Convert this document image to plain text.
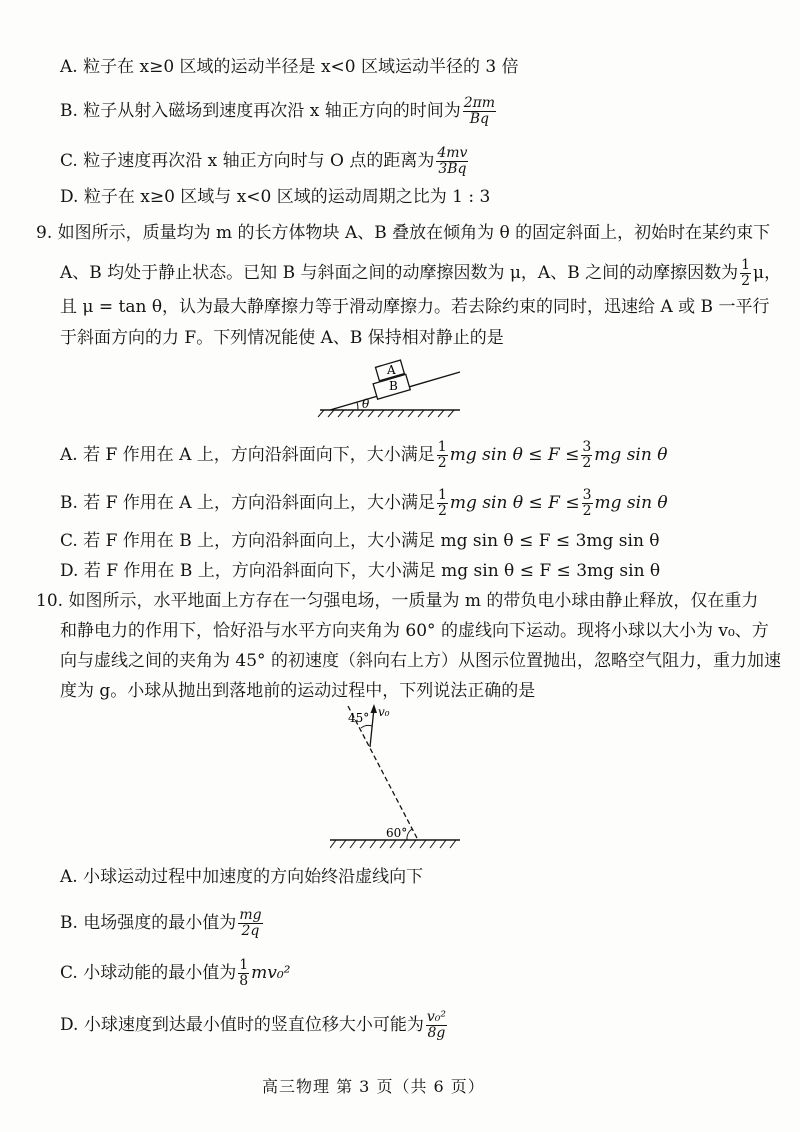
A. 粒子在 x≥0 区域的运动半径是 x<0 区域运动半径的 3 倍
B. 粒子从射入磁场到速度再次沿 x 轴正方向的时间为 $\frac{2\pi m}{Bq}$
C. 粒子速度再次沿 x 轴正方向时与 O 点的距离为 $\frac{4mv}{3Bq}$
D. 粒子在 x≥0 区域与 x<0 区域的运动周期之比为 1 : 3
9. 如图所示，质量均为 m 的长方体物块 A、B 叠放在倾角为 θ 的固定斜面上，初始时在某约束下
A、B 均处于静止状态。已知 B 与斜面之间的动摩擦因数为 μ，A、B 之间的动摩擦因数为 $\frac{1}{2}$ μ，
且 μ = tan θ，认为最大静摩擦力等于滑动摩擦力。若去除约束的同时，迅速给 A 或 B 一平行
于斜面方向的力 F。下列情况能使 A、B 保持相对静止的是
θ
B
A
A. 若 F 作用在 A 上，方向沿斜面向下，大小满足 $\frac{1}{2}$ mg $\sin \theta \le F \le \frac{3}{2}$ mg sin θ
B. 若 F 作用在 A 上，方向沿斜面向上，大小满足 $\frac{1}{2}$ mg $\sin \theta \le F \le \frac{3}{2}$ mg sin θ
C. 若 F 作用在 B 上，方向沿斜面向上，大小满足 mg sin θ ≤ F ≤ 3mg sin θ
D. 若 F 作用在 B 上，方向沿斜面向下，大小满足 mg sin θ ≤ F ≤ 3mg sin θ
10. 如图所示，水平地面上方存在一匀强电场，一质量为 m 的带负电小球由静止释放，仅在重力
和静电力的作用下，恰好沿与水平方向夹角为 60° 的虚线向下运动。现将小球以大小为 v₀、方
向与虚线之间的夹角为 45° 的初速度（斜向右上方）从图示位置抛出，忽略空气阻力，重力加速
度为 g。小球从抛出到落地前的运动过程中，下列说法正确的是
45° v₀
60°
A. 小球运动过程中加速度的方向始终沿虚线向下
B. 电场强度的最小值为 $\frac{mg}{2q}$
C. 小球动能的最小值为 $\frac{1}{8} mv_0^2$
D. 小球速度到达最小值时的竖直位移大小可能为 $\frac{\text{v₀²}}{8g}$
高三物理 第 3 页（共 6 页）
